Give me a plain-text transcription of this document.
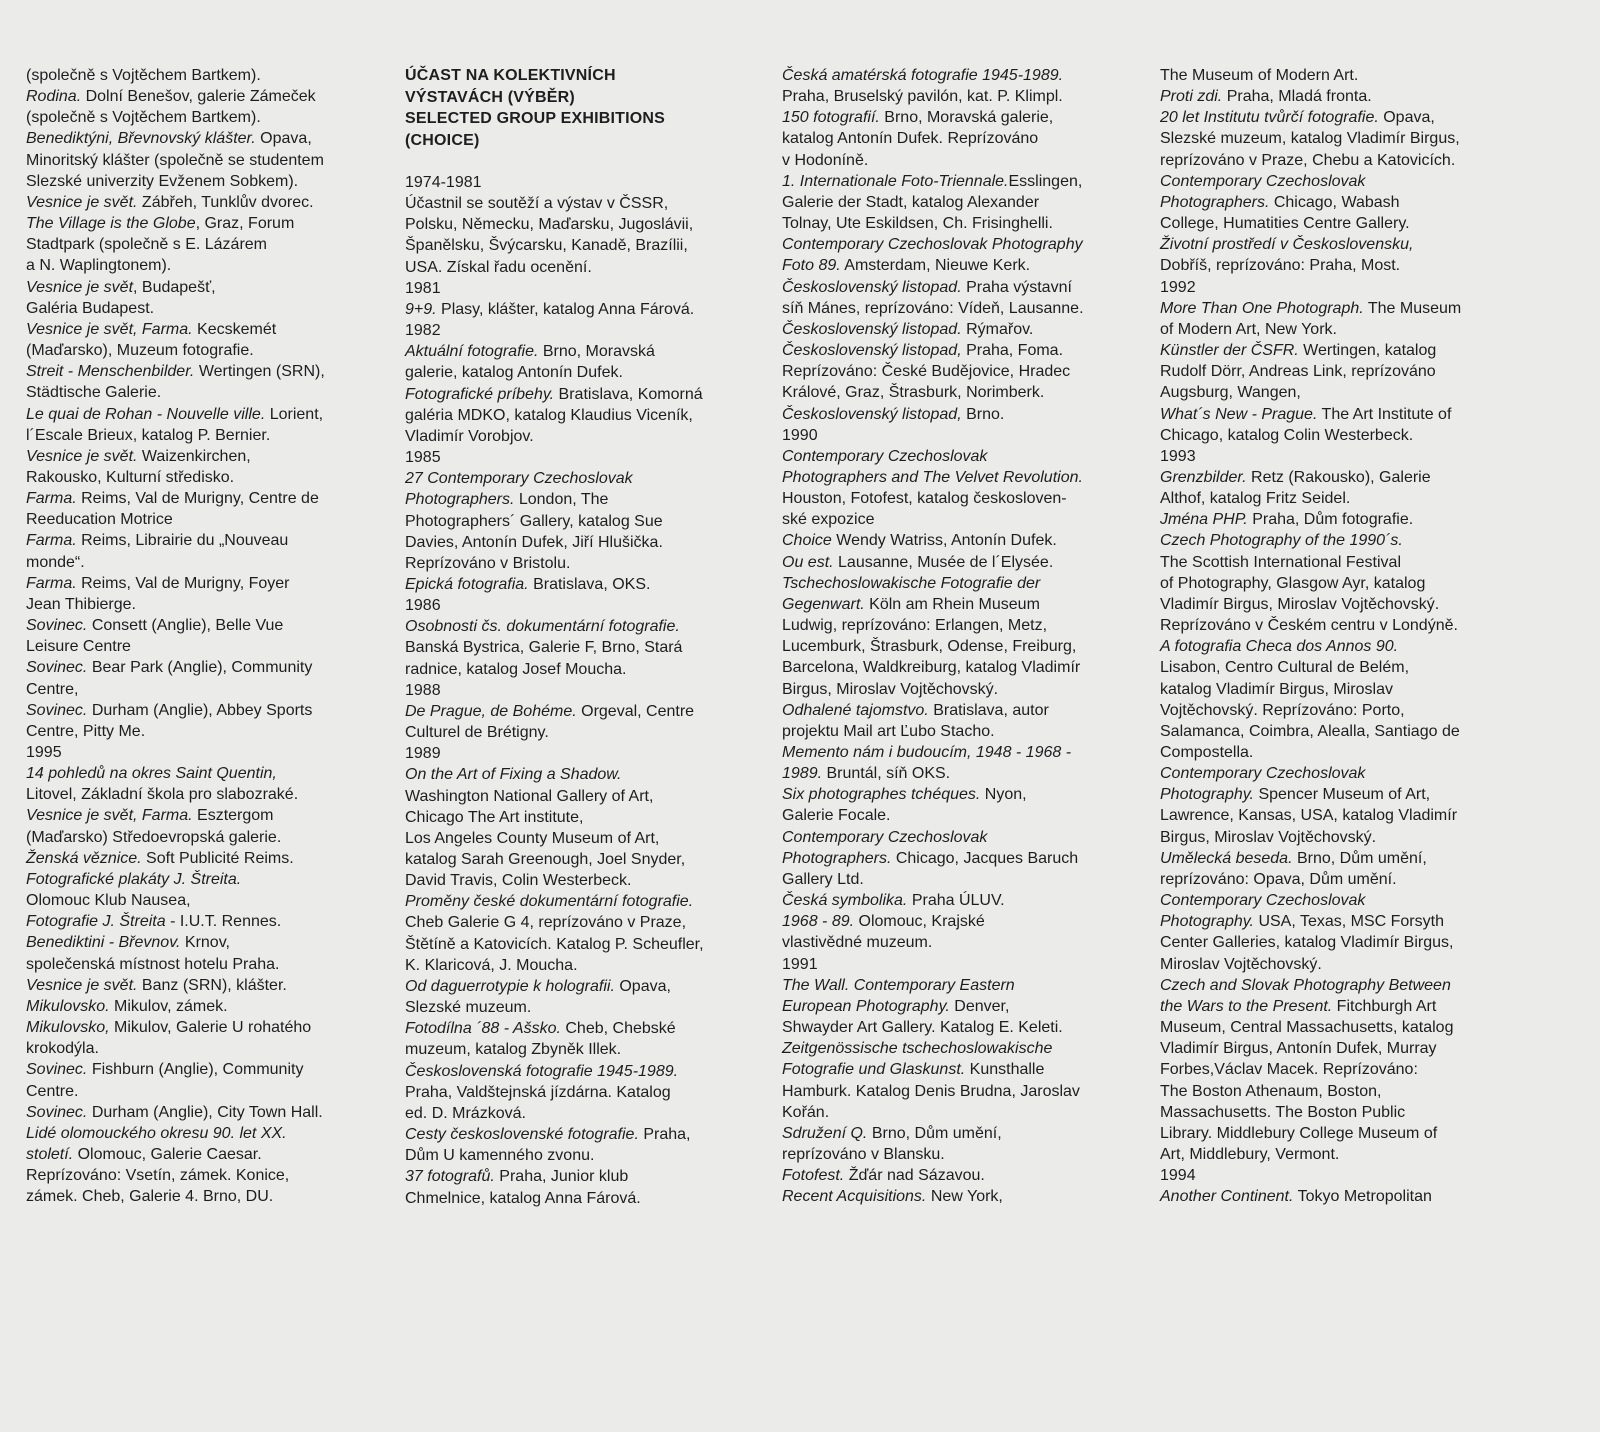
(společně s Vojtěchem Bartkem).
Rodina. Dolní Benešov, galerie Zámeček
(společně s Vojtěchem Bartkem).
Benediktýni, Břevnovský klášter. Opava,
Minoritský klášter (společně se studentem
Slezské univerzity Evženem Sobkem).
Vesnice je svět. Zábřeh, Tunklův dvorec.
The Village is the Globe, Graz, Forum
Stadtpark (společně s E. Lázárem
a N. Waplingtonem).
Vesnice je svět, Budapešť,
Galéria Budapest.
Vesnice je svět, Farma. Kecskemét
(Maďarsko), Muzeum fotografie.
Streit - Menschenbilder. Wertingen (SRN),
Städtische Galerie.
Le quai de Rohan - Nouvelle ville. Lorient,
l´Escale Brieux, katalog P. Bernier.
Vesnice je svět. Waizenkirchen,
Rakousko, Kulturní středisko.
Farma. Reims, Val de Murigny, Centre de
Reeducation Motrice
Farma. Reims, Librairie du „Nouveau
monde“.
Farma. Reims, Val de Murigny, Foyer
Jean Thibierge.
Sovinec. Consett (Anglie), Belle Vue
Leisure Centre
Sovinec. Bear Park (Anglie), Community
Centre,
Sovinec. Durham (Anglie), Abbey Sports
Centre, Pitty Me.
1995
14 pohledů na okres Saint Quentin,
Litovel, Základní škola pro slabozraké.
Vesnice je svět, Farma. Esztergom
(Maďarsko) Středoevropská galerie.
Ženská věznice. Soft Publicité Reims.
Fotografické plakáty J. Štreita.
Olomouc Klub Nausea,
Fotografie J. Štreita - I.U.T. Rennes.
Benediktini - Břevnov. Krnov,
společenská místnost hotelu Praha.
Vesnice je svět. Banz (SRN), klášter.
Mikulovsko. Mikulov, zámek.
Mikulovsko, Mikulov, Galerie U rohatého
krokodýla.
Sovinec. Fishburn (Anglie), Community
Centre.
Sovinec. Durham (Anglie), City Town Hall.
Lidé olomouckého okresu 90. let XX.
století. Olomouc, Galerie Caesar.
Reprízováno: Vsetín, zámek. Konice,
zámek. Cheb, Galerie 4. Brno, DU.
ÚČAST NA KOLEKTIVNÍCH
VÝSTAVÁCH (VÝBĚR)
SELECTED GROUP EXHIBITIONS
(CHOICE)
1974-1981
Účastnil se soutěží a výstav v ČSSR,
Polsku, Německu, Maďarsku, Jugoslávii,
Španělsku, Švýcarsku, Kanadě, Brazílii,
USA. Získal řadu ocenění.
1981
9+9. Plasy, klášter, katalog Anna Fárová.
1982
Aktuální fotografie. Brno, Moravská
galerie, katalog Antonín Dufek.
Fotografické príbehy. Bratislava, Komorná
galéria MDKO, katalog Klaudius Viceník,
Vladimír Vorobjov.
1985
27 Contemporary Czechoslovak
Photographers. London, The
Photographers´ Gallery, katalog Sue
Davies, Antonín Dufek, Jiří Hlušička.
Reprízováno v Bristolu.
Epická fotografia. Bratislava, OKS.
1986
Osobnosti čs. dokumentární fotografie.
Banská Bystrica, Galerie F, Brno, Stará
radnice, katalog Josef Moucha.
1988
De Prague, de Bohéme. Orgeval, Centre
Culturel de Brétigny.
1989
On the Art of Fixing a Shadow.
Washington National Gallery of Art,
Chicago The Art institute,
Los Angeles County Museum of Art,
katalog Sarah Greenough, Joel Snyder,
David Travis, Colin Westerbeck.
Proměny české dokumentární fotografie.
Cheb Galerie G 4, reprízováno v Praze,
Štětíně a Katovicích. Katalog P. Scheufler,
K. Klaricová, J. Moucha.
Od daguerrotypie k holografii. Opava,
Slezské muzeum.
Fotodílna ´88 - Ašsko. Cheb, Chebské
muzeum, katalog Zbyněk Illek.
Československá fotografie 1945-1989.
Praha, Valdštejnská jízdárna. Katalog
ed. D. Mrázková.
Cesty československé fotografie. Praha,
Dům U kamenného zvonu.
37 fotografů. Praha, Junior klub
Chmelnice, katalog Anna Fárová.
Česká amatérská fotografie 1945-1989.
Praha, Bruselský pavilón, kat. P. Klimpl.
150 fotografií. Brno, Moravská galerie,
katalog Antonín Dufek. Reprízováno
v Hodoníně.
1. Internationale Foto-Triennale.Esslingen,
Galerie der Stadt, katalog Alexander
Tolnay, Ute Eskildsen, Ch. Frisinghelli.
Contemporary Czechoslovak Photography
Foto 89. Amsterdam, Nieuwe Kerk.
Československý listopad. Praha výstavní
síň Mánes, reprízováno: Vídeň, Lausanne.
Československý listopad. Rýmařov.
Československý listopad, Praha, Foma.
Reprízováno: České Budějovice, Hradec
Králové, Graz, Štrasburk, Norimberk.
Československý listopad, Brno.
1990
Contemporary Czechoslovak
Photographers and The Velvet Revolution.
Houston, Fotofest, katalog českosloven-
ské expozice
Choice Wendy Watriss, Antonín Dufek.
Ou est. Lausanne, Musée de l´Elysée.
Tschechoslowakische Fotografie der
Gegenwart. Köln am Rhein Museum
Ludwig, reprízováno: Erlangen, Metz,
Lucemburk, Štrasburk, Odense, Freiburg,
Barcelona, Waldkreiburg, katalog Vladimír
Birgus, Miroslav Vojtěchovský.
Odhalené tajomstvo. Bratislava, autor
projektu Mail art Ľubo Stacho.
Memento nám i budoucím, 1948 - 1968 -
1989. Bruntál, síň OKS.
Six photographes tchéques. Nyon,
Galerie Focale.
Contemporary Czechoslovak
Photographers. Chicago, Jacques Baruch
Gallery Ltd.
Česká symbolika. Praha ÚLUV.
1968 - 89. Olomouc, Krajské
vlastivědné muzeum.
1991
The Wall. Contemporary Eastern
European Photography. Denver,
Shwayder Art Gallery. Katalog E. Keleti.
Zeitgenössische tschechoslowakische
Fotografie und Glaskunst. Kunsthalle
Hamburk. Katalog Denis Brudna, Jaroslav
Kořán.
Sdružení Q. Brno, Dům umění,
reprízováno v Blansku.
Fotofest. Žďár nad Sázavou.
Recent Acquisitions. New York,
The Museum of Modern Art.
Proti zdi. Praha, Mladá fronta.
20 let Institutu tvůrčí fotografie. Opava,
Slezské muzeum, katalog Vladimír Birgus,
reprízováno v Praze, Chebu a Katovicích.
Contemporary Czechoslovak
Photographers. Chicago, Wabash
College, Humatities Centre Gallery.
Životní prostředí v Československu,
Dobříš, reprízováno: Praha, Most.
1992
More Than One Photograph. The Museum
of Modern Art, New York.
Künstler der ČSFR. Wertingen, katalog
Rudolf Dörr, Andreas Link, reprízováno
Augsburg, Wangen,
What´s New - Prague. The Art Institute of
Chicago, katalog Colin Westerbeck.
1993
Grenzbilder. Retz (Rakousko), Galerie
Althof, katalog Fritz Seidel.
Jména PHP. Praha, Dům fotografie.
Czech Photography of the 1990´s.
The Scottish International Festival
of Photography, Glasgow Ayr, katalog
Vladimír Birgus, Miroslav Vojtěchovský.
Reprízováno v Českém centru v Londýně.
A fotografia Checa dos Annos 90.
Lisabon, Centro Cultural de Belém,
katalog Vladimír Birgus, Miroslav
Vojtěchovský. Reprízováno: Porto,
Salamanca, Coimbra, Alealla, Santiago de
Compostella.
Contemporary Czechoslovak
Photography. Spencer Museum of Art,
Lawrence, Kansas, USA, katalog Vladimír
Birgus, Miroslav Vojtěchovský.
Umělecká beseda. Brno, Dům umění,
reprízováno: Opava, Dům umění.
Contemporary Czechoslovak
Photography. USA, Texas, MSC Forsyth
Center Galleries, katalog Vladimír Birgus,
Miroslav Vojtěchovský.
Czech and Slovak Photography Between
the Wars to the Present. Fitchburgh Art
Museum, Central Massachusetts, katalog
Vladimír Birgus, Antonín Dufek, Murray
Forbes,Václav Macek. Reprízováno:
The Boston Athenaum, Boston,
Massachusetts. The Boston Public
Library. Middlebury College Museum of
Art, Middlebury, Vermont.
1994
Another Continent. Tokyo Metropolitan
